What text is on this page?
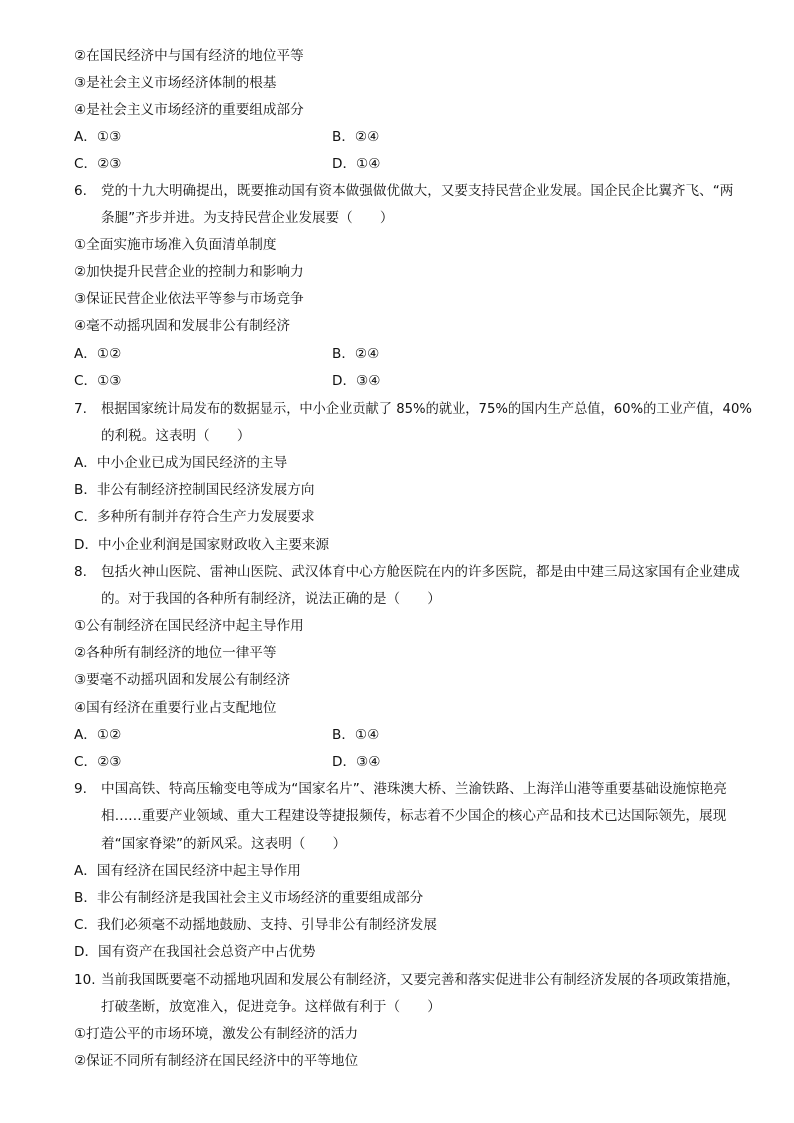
②在国民经济中与国有经济的地位平等
③是社会主义市场经济体制的根基
④是社会主义市场经济的重要组成部分
A．①③	B．②④
C．②③	D．①④
6. 党的十九大明确提出，既要推动国有资本做强做优做大，又要支持民营企业发展。国企民企比翼齐飞、“两
条腿”齐步并进。为支持民营企业发展要（　　）
①全面实施市场准入负面清单制度
②加快提升民营企业的控制力和影响力
③保证民营企业依法平等参与市场竞争
④毫不动摇巩固和发展非公有制经济
A．①②	B．②④
C．①③	D．③④
7. 根据国家统计局发布的数据显示，中小企业贡献了 85%的就业，75%的国内生产总值，60%的工业产值，40%
的利税。这表明（　　）
A．中小企业已成为国民经济的主导
B．非公有制经济控制国民经济发展方向
C．多种所有制并存符合生产力发展要求
D．中小企业利润是国家财政收入主要来源
8. 包括火神山医院、雷神山医院、武汉体育中心方舱医院在内的许多医院，都是由中建三局这家国有企业建成
的。对于我国的各种所有制经济，说法正确的是（　　）
①公有制经济在国民经济中起主导作用
②各种所有制经济的地位一律平等
③要毫不动摇巩固和发展公有制经济
④国有经济在重要行业占支配地位
A．①②	B．①④
C．②③	D．③④
9. 中国高铁、特高压输变电等成为“国家名片”、港珠澳大桥、兰渝铁路、上海洋山港等重要基础设施惊艳亮
相……重要产业领域、重大工程建设等捷报频传，标志着不少国企的核心产品和技术已达国际领先，展现
着“国家脊梁”的新风采。这表明（　　）
A．国有经济在国民经济中起主导作用
B．非公有制经济是我国社会主义市场经济的重要组成部分
C．我们必须毫不动摇地鼓励、支持、引导非公有制经济发展
D．国有资产在我国社会总资产中占优势
10. 当前我国既要毫不动摇地巩固和发展公有制经济，又要完善和落实促进非公有制经济发展的各项政策措施，
打破垄断，放宽准入，促进竞争。这样做有利于（　　）
①打造公平的市场环境，激发公有制经济的活力
②保证不同所有制经济在国民经济中的平等地位
